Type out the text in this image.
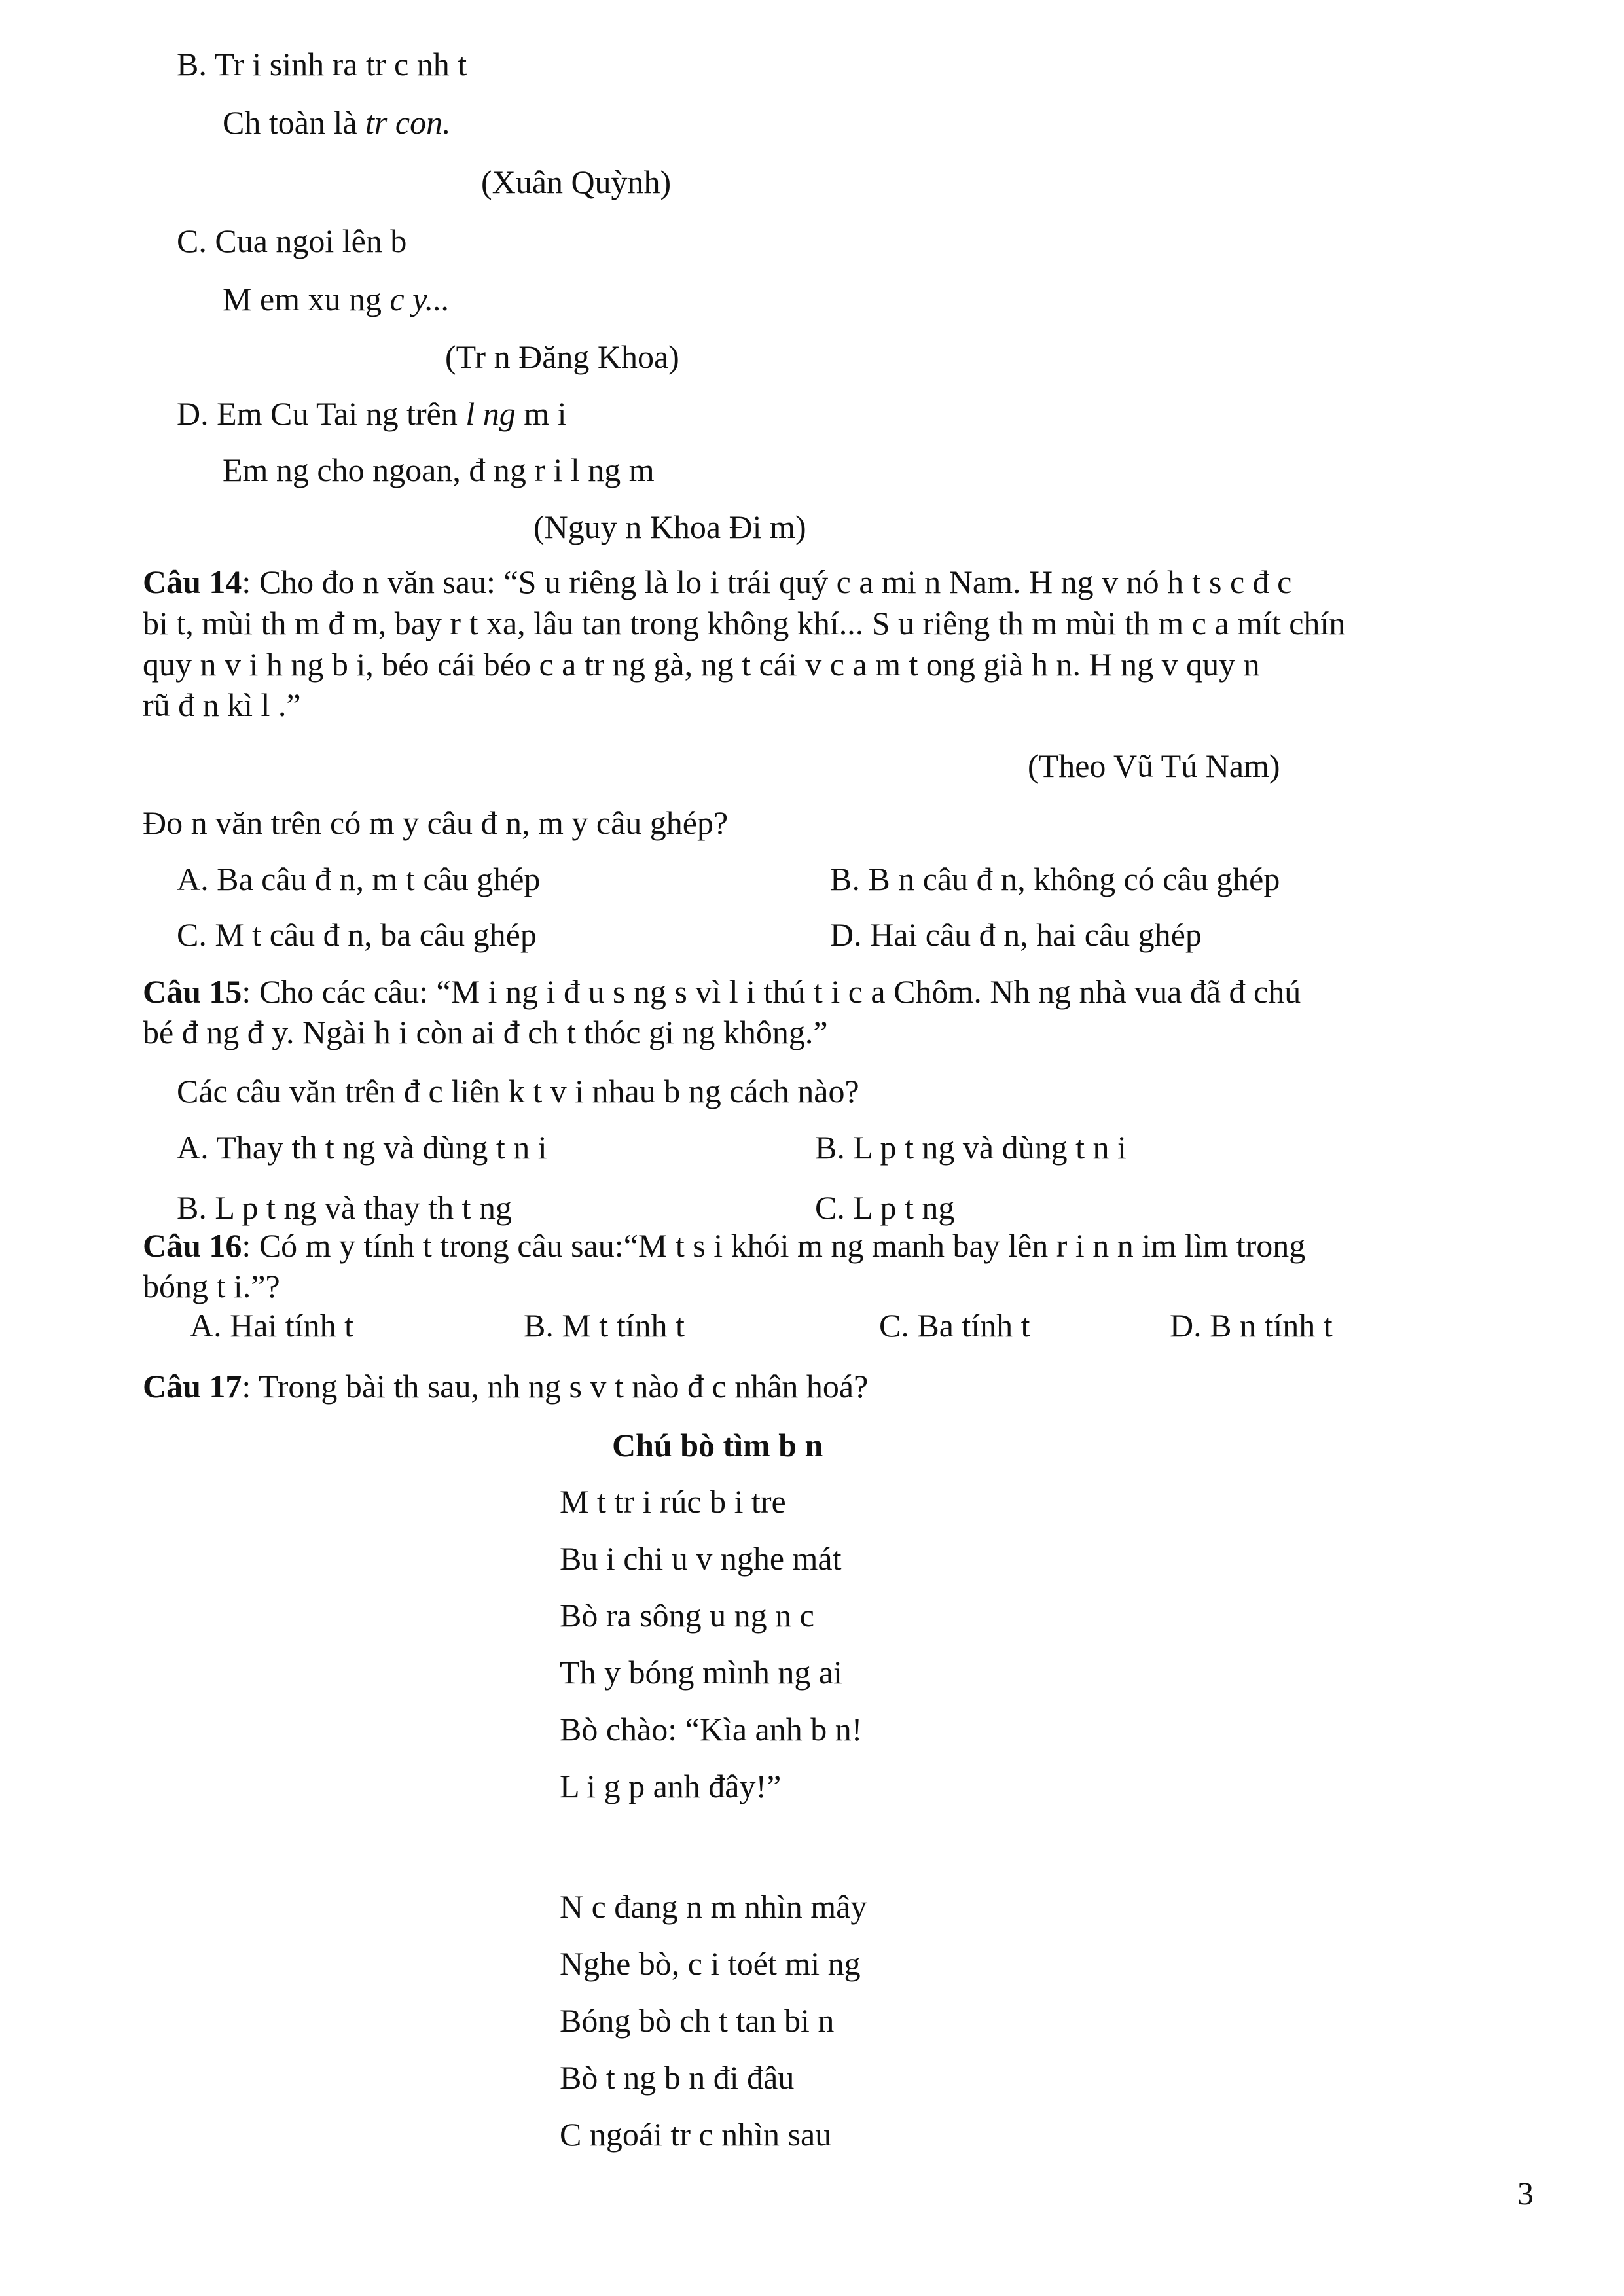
B. Tr i sinh ra tr c nh t
Ch toàn là tr con.
(Xuân Quỳnh)
C. Cua ngoi lên b
M em xu ng c y...
(Tr n Đăng Khoa)
D. Em Cu Tai ng trên l ng m i
Em ng cho ngoan, đ ng r i l ng m
(Nguy n Khoa Đi m)
Câu 14: Cho đo n văn sau: “S u riêng là lo i trái quý c a mi n Nam. H ng v nó h t s c đ c
bi t, mùi th m đ m, bay r t xa, lâu tan trong không khí... S u riêng th m mùi th m c a mít chín
quy n v i h ng b i, béo cái béo c a tr ng gà, ng t cái v c a m t ong già h n. H ng v quy n
rũ đ n kì l .”
(Theo Vũ Tú Nam)
Đo n văn trên có m y câu đ n, m y câu ghép?
A. Ba câu đ n, m t câu ghép	B. B n câu đ n, không có câu ghép
C. M t câu đ n, ba câu ghép	D. Hai câu đ n, hai câu ghép
Câu 15: Cho các câu: “M i ng i đ u s ng s vì l i thú t i c a Chôm. Nh ng nhà vua đã đ chú
bé đ ng đ y. Ngài h i còn ai đ ch t thóc gi ng không.”
Các câu văn trên đ c liên k t v i nhau b ng cách nào?
A. Thay th t ng và dùng t n i	B. L p t ng và dùng t n i
B. L p t ng và thay th t ng	C. L p t ng
Câu 16: Có m y tính t trong câu sau:“M t s i khói m ng manh bay lên r i n n im lìm trong
bóng t i.”?
A. Hai tính t	B. M t tính t	C. Ba tính t	D. B n tính t
Câu 17: Trong bài th sau, nh ng s v t nào đ c nhân hoá?
Chú bò tìm b n
M t tr i rúc b i tre
Bu i chi u v nghe mát
Bò ra sông u ng n c
Th y bóng mình ng ai
Bò chào: “Kìa anh b n!
L i g p anh đây!”
N c đang n m nhìn mây
Nghe bò, c i toét mi ng
Bóng bò ch t tan bi n
Bò t ng b n đi đâu
C ngoái tr c nhìn sau
3
